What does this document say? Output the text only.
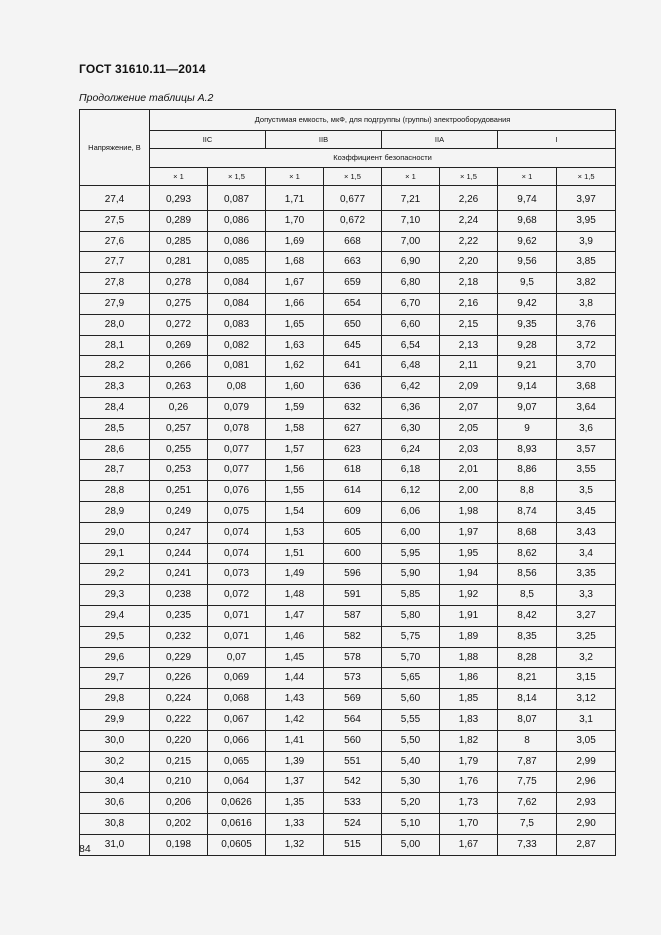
ГОСТ 31610.11—2014
Продолжение таблицы А.2
Напряжение, В	Допустимая емкость, мкФ, для подгруппы (группы) электрооборудования							
	IIC		IIB		IIA		I	
	Коэффициент безопасности							
	× 1	× 1,5	× 1	× 1,5	× 1	× 1,5	× 1	× 1,5
27,4	0,293	0,087	1,71	0,677	7,21	2,26	9,74	3,97
27,5	0,289	0,086	1,70	0,672	7,10	2,24	9,68	3,95
27,6	0,285	0,086	1,69	668	7,00	2,22	9,62	3,9
27,7	0,281	0,085	1,68	663	6,90	2,20	9,56	3,85
27,8	0,278	0,084	1,67	659	6,80	2,18	9,5	3,82
27,9	0,275	0,084	1,66	654	6,70	2,16	9,42	3,8
28,0	0,272	0,083	1,65	650	6,60	2,15	9,35	3,76
28,1	0,269	0,082	1,63	645	6,54	2,13	9,28	3,72
28,2	0,266	0,081	1,62	641	6,48	2,11	9,21	3,70
28,3	0,263	0,08	1,60	636	6,42	2,09	9,14	3,68
28,4	0,26	0,079	1,59	632	6,36	2,07	9,07	3,64
28,5	0,257	0,078	1,58	627	6,30	2,05	9	3,6
28,6	0,255	0,077	1,57	623	6,24	2,03	8,93	3,57
28,7	0,253	0,077	1,56	618	6,18	2,01	8,86	3,55
28,8	0,251	0,076	1,55	614	6,12	2,00	8,8	3,5
28,9	0,249	0,075	1,54	609	6,06	1,98	8,74	3,45
29,0	0,247	0,074	1,53	605	6,00	1,97	8,68	3,43
29,1	0,244	0,074	1,51	600	5,95	1,95	8,62	3,4
29,2	0,241	0,073	1,49	596	5,90	1,94	8,56	3,35
29,3	0,238	0,072	1,48	591	5,85	1,92	8,5	3,3
29,4	0,235	0,071	1,47	587	5,80	1,91	8,42	3,27
29,5	0,232	0,071	1,46	582	5,75	1,89	8,35	3,25
29,6	0,229	0,07	1,45	578	5,70	1,88	8,28	3,2
29,7	0,226	0,069	1,44	573	5,65	1,86	8,21	3,15
29,8	0,224	0,068	1,43	569	5,60	1,85	8,14	3,12
29,9	0,222	0,067	1,42	564	5,55	1,83	8,07	3,1
30,0	0,220	0,066	1,41	560	5,50	1,82	8	3,05
30,2	0,215	0,065	1,39	551	5,40	1,79	7,87	2,99
30,4	0,210	0,064	1,37	542	5,30	1,76	7,75	2,96
30,6	0,206	0,0626	1,35	533	5,20	1,73	7,62	2,93
30,8	0,202	0,0616	1,33	524	5,10	1,70	7,5	2,90
31,0	0,198	0,0605	1,32	515	5,00	1,67	7,33	2,87
84
